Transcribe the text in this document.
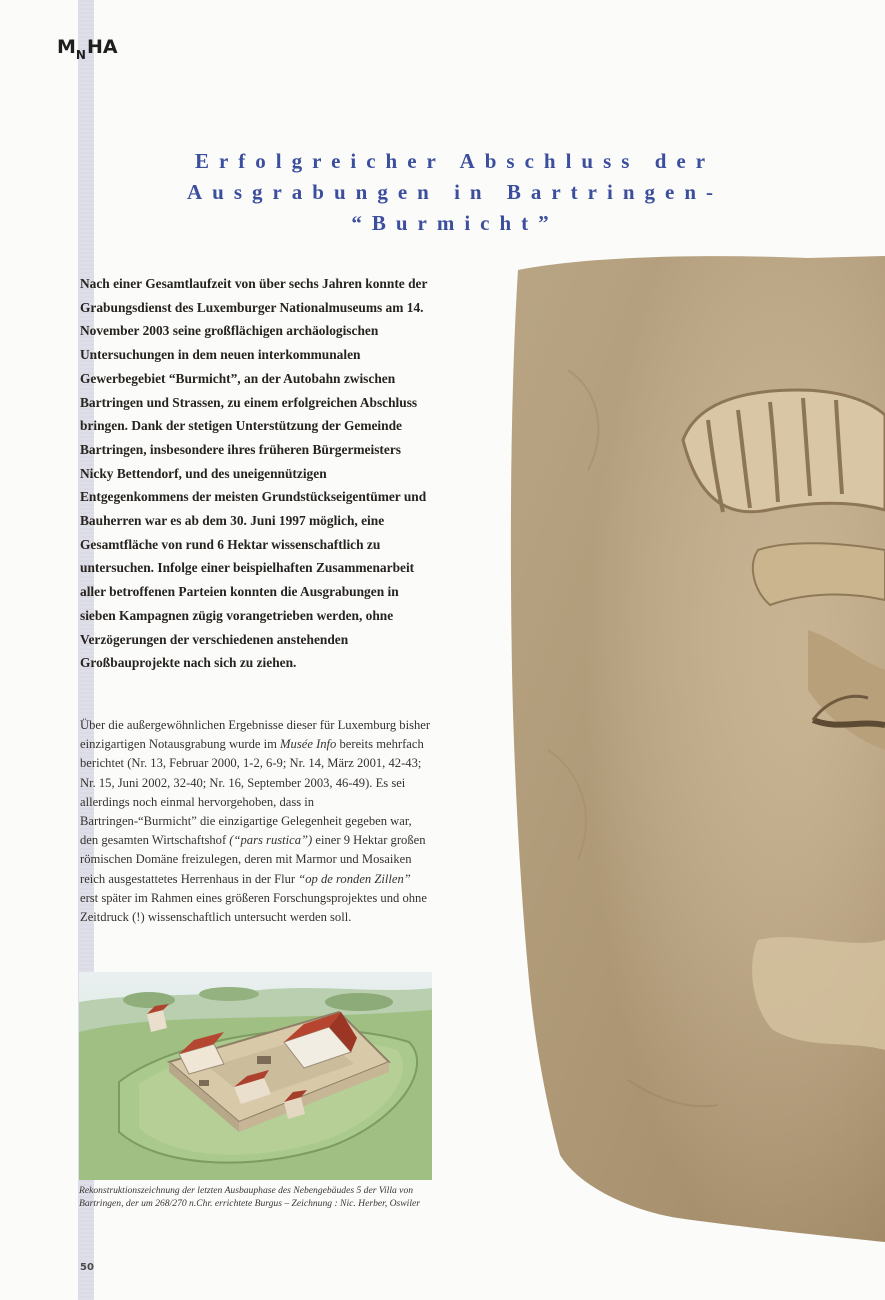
$M_NHA$
Erfolgreicher Abschluss der
Ausgrabungen in Bartringen-
“Burmicht”

Nach einer Gesamtlaufzeit von über sechs Jahren konnte der Grabungsdienst des Luxemburger Nationalmuseums am 14. November 2003 seine großflächigen archäologischen Untersuchungen in dem neuen interkommunalen Gewerbegebiet “Burmicht”, an der Autobahn zwischen Bartringen und Strassen, zu einem erfolgreichen Abschluss bringen. Dank der stetigen Unterstützung der Gemeinde Bartringen, insbesondere ihres früheren Bürgermeisters Nicky Bettendorf, und des uneigennützigen Entgegenkommens der meisten Grundstückseigentümer und Bauherren war es ab dem 30. Juni 1997 möglich, eine Gesamtfläche von rund 6 Hektar wissenschaftlich zu untersuchen. Infolge einer beispielhaften Zusammenarbeit aller betroffenen Parteien konnten die Ausgrabungen in sieben Kampagnen zügig vorangetrieben werden, ohne Verzögerungen der verschiedenen anstehenden Großbauprojekte nach sich zu ziehen.

Über die außergewöhnlichen Ergebnisse dieser für Luxemburg bisher einzigartigen Notausgrabung wurde im Musée Info bereits mehrfach berichtet (Nr. 13, Februar 2000, 1-2, 6-9; Nr. 14, März 2001, 42-43; Nr. 15, Juni 2002, 32-40; Nr. 16, September 2003, 46-49). Es sei allerdings noch einmal hervorgehoben, dass in Bartringen-“Burmicht” die einzigartige Gelegenheit gegeben war, den gesamten Wirtschaftshof (“pars rustica”) einer 9 Hektar großen römischen Domäne freizulegen, deren mit Marmor und Mosaiken reich ausgestattetes Herrenhaus in der Flur “op de ronden Zillen” erst später im Rahmen eines größeren Forschungsprojektes und ohne Zeitdruck (!) wissenschaftlich untersucht werden soll.

Rekonstruktionszeichnung der letzten Ausbauphase des Nebengebäudes 5 der Villa von Bartringen, der um 268/270 n.Chr. errichtete Burgus – Zeichnung : Nic. Herber, Oswiler
50
